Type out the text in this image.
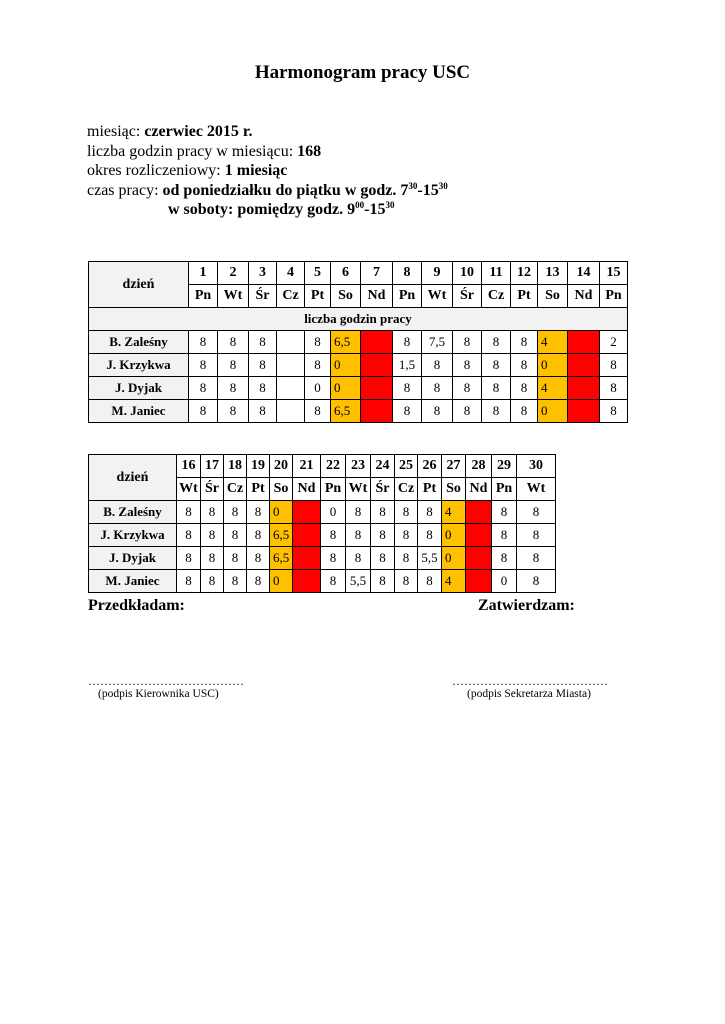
Harmonogram pracy USC
miesiąc: czerwiec 2015 r.
liczba godzin pracy w miesiącu: 168
okres rozliczeniowy: 1 miesiąc
czas pracy: od poniedziałku do piątku w godz. $7^{30}-15^{30}$
w soboty: pomiędzy godz. $9^{00}-15^{30}$
dzień	1	2	3	4	5	6	7	8	9	10	11	12	13	14	15
	Pn	Wt	Śr	Cz	Pt	So	Nd	Pn	Wt	Śr	Cz	Pt	So	Nd	Pn
liczba godzin pracy															
B. Zaleśny	8	8	8		8	6,5		8	7,5	8	8	8	4		2
J. Krzykwa	8	8	8		8	0		1,5	8	8	8	8	0		8
J. Dyjak	8	8	8		0	0		8	8	8	8	8	4		8
M. Janiec	8	8	8		8	6,5		8	8	8	8	8	0		8
dzień	16	17	18	19	20	21	22	23	24	25	26	27	28	29	30
	Wt	Śr	Cz	Pt	So	Nd	Pn	Wt	Śr	Cz	Pt	So	Nd	Pn	Wt
B. Zaleśny	8	8	8	8	0		0	8	8	8	8	4		8	8
J. Krzykwa	8	8	8	8	6,5		8	8	8	8	8	0		8	8
J. Dyjak	8	8	8	8	6,5		8	8	8	8	5,5	0		8	8
M. Janiec	8	8	8	8	0		8	5,5	8	8	8	4		0	8
Przedkładam:	Zatwierdzam:
…………………………………	…………………………………
(podpis Kierownika USC)	(podpis Sekretarza Miasta)
